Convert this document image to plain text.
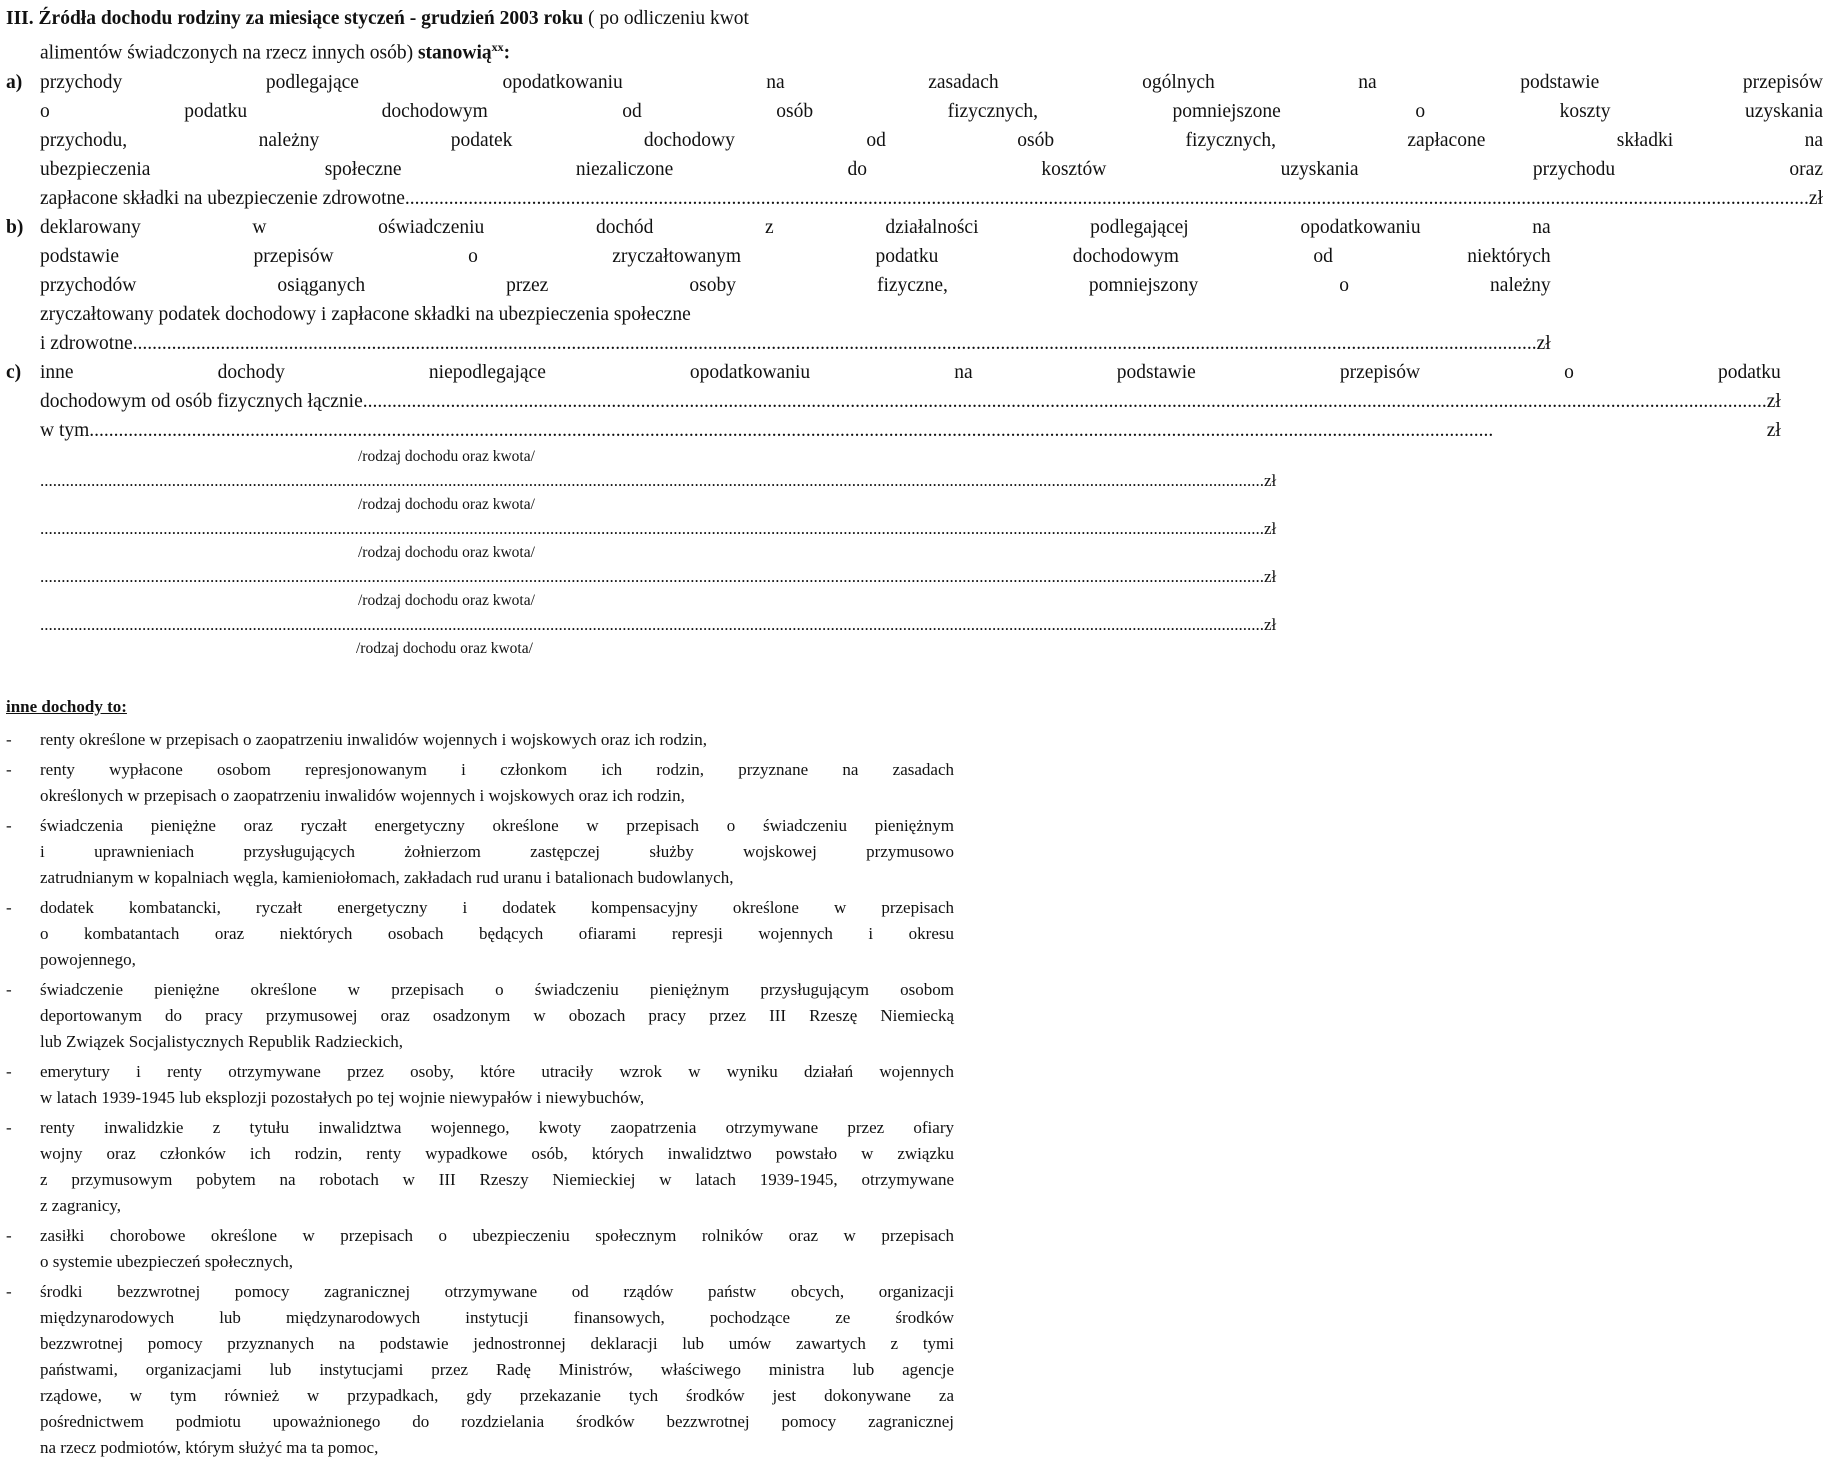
III. Źródła dochodu rodziny za miesiące styczeń - grudzień 2003 roku ( po odliczeniu kwot
alimentów świadczonych na rzecz innych osób) stanowią$^{xx}$:
a) przychody podlegające opodatkowaniu na zasadach ogólnych na podstawie przepisów
o podatku dochodowym od osób fizycznych, pomniejszone o koszty uzyskania
przychodu, należny podatek dochodowy od osób fizycznych, zapłacone składki na
ubezpieczenia społeczne niezaliczone do kosztów uzyskania przychodu oraz
zapłacone składki na ubezpieczenie zdrowotne .....	zł
b) deklarowany w oświadczeniu dochód z działalności podlegającej opodatkowaniu na
podstawie przepisów o zryczałtowanym podatku dochodowym od niektórych
przychodów osiąganych przez osoby fizyczne, pomniejszony o należny
zryczałtowany podatek dochodowy i zapłacone składki na ubezpieczenia społeczne
i zdrowotne .....	zł
c) inne dochody niepodlegające opodatkowaniu na podstawie przepisów o podatku
dochodowym od osób fizycznych łącznie .....	zł
w tym .....	zł
/rodzaj dochodu oraz kwota/
.....
zł
/rodzaj dochodu oraz kwota/
.....
zł
/rodzaj dochodu oraz kwota/
.....
zł
/rodzaj dochodu oraz kwota/
.....
zł
/rodzaj dochodu oraz kwota/
inne dochody to:
-	renty określone w przepisach o zaopatrzeniu inwalidów wojennych i wojskowych oraz ich rodzin,
-	renty wypłacone osobom represjonowanym i członkom ich rodzin, przyznane na zasadach
określonych w przepisach o zaopatrzeniu inwalidów wojennych i wojskowych oraz ich rodzin,
-	świadczenia pieniężne oraz ryczałt energetyczny określone w przepisach o świadczeniu pieniężnym
i uprawnieniach przysługujących żołnierzom zastępczej służby wojskowej przymusowo
zatrudnianym w kopalniach węgla, kamieniołomach, zakładach rud uranu i batalionach budowlanych,
-	dodatek kombatancki, ryczałt energetyczny i dodatek kompensacyjny określone w przepisach
o kombatantach oraz niektórych osobach będących ofiarami represji wojennych i okresu
powojennego,
-	świadczenie pieniężne określone w przepisach o świadczeniu pieniężnym przysługującym osobom
deportowanym do pracy przymusowej oraz osadzonym w obozach pracy przez III Rzeszę Niemiecką
lub Związek Socjalistycznych Republik Radzieckich,
-	emerytury i renty otrzymywane przez osoby, które utraciły wzrok w wyniku działań wojennych
w latach 1939-1945 lub eksplozji pozostałych po tej wojnie niewypałów i niewybuchów,
-	renty inwalidzkie z tytułu inwalidztwa wojennego, kwoty zaopatrzenia otrzymywane przez ofiary
wojny oraz członków ich rodzin, renty wypadkowe osób, których inwalidztwo powstało w związku
z przymusowym pobytem na robotach w III Rzeszy Niemieckiej w latach 1939-1945, otrzymywane
z zagranicy,
-	zasiłki chorobowe określone w przepisach o ubezpieczeniu społecznym rolników oraz w przepisach
o systemie ubezpieczeń społecznych,
-	środki bezzwrotnej pomocy zagranicznej otrzymywane od rządów państw obcych, organizacji
międzynarodowych lub międzynarodowych instytucji finansowych, pochodzące ze środków
bezzwrotnej pomocy przyznanych na podstawie jednostronnej deklaracji lub umów zawartych z tymi
państwami, organizacjami lub instytucjami przez Radę Ministrów, właściwego ministra lub agencje
rządowe, w tym również w przypadkach, gdy przekazanie tych środków jest dokonywane za
pośrednictwem podmiotu upoważnionego do rozdzielania środków bezzwrotnej pomocy zagranicznej
na rzecz podmiotów, którym służyć ma ta pomoc,
